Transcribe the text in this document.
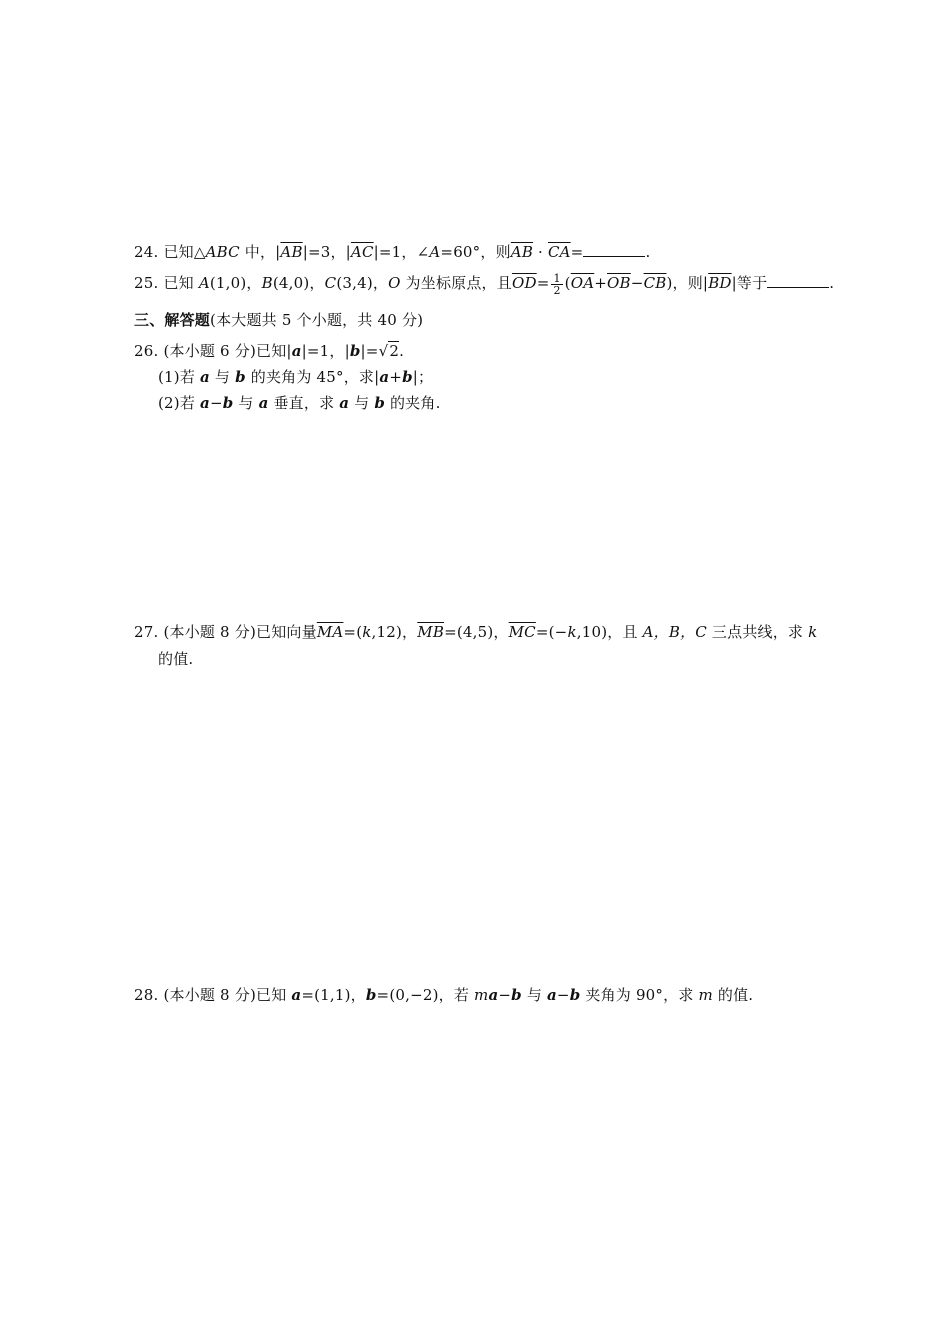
24. 已知△ABC 中，$|\overline{AB}|=3$，$|\overline{AC}|=1$，∠A=60°，则$\overline{AB} \cdot \overline{CA}=$	.
25. 已知 A(1,0)，B(4,0)，C(3,4)，O 为坐标原点，且$\overline{OD}= \frac{1}{2} (\overline{OA}+\overline{OB}-\overline{CB})$，则$|\overline{BD}|$等于	.
三、解答题(本大题共 5 个小题，共 40 分)
26. (本小题 6 分)已知|a|=1，|b|=√2.
(1)若 a 与 b 的夹角为 45°，求|a+b|；
(2)若 a−b 与 a 垂直，求 a 与 b 的夹角.
27. (本小题 8 分)已知向量$\overline{MA}=(k,12)$，$\overline{MB}=(4,5)$，$\overline{MC}=(-k,10)$，且 A，B，C 三点共线，求 k
的值.
28. (本小题 8 分)已知 a=(1,1)，b=(0,−2)，若 ma−b 与 a−b 夹角为 90°，求 m 的值.
